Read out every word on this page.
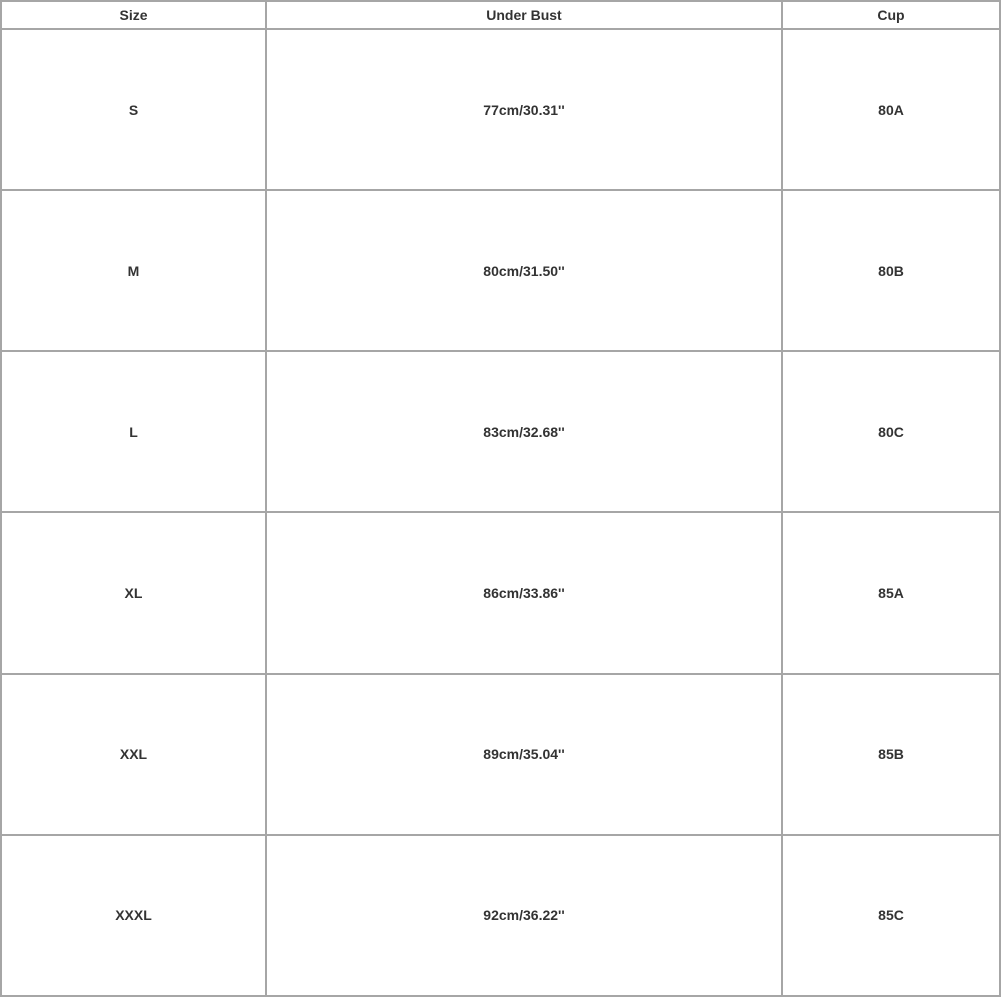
Size	Under Bust	Cup
S	77cm/30.31''	80A
M	80cm/31.50''	80B
L	83cm/32.68''	80C
XL	86cm/33.86''	85A
XXL	89cm/35.04''	85B
XXXL	92cm/36.22''	85C
